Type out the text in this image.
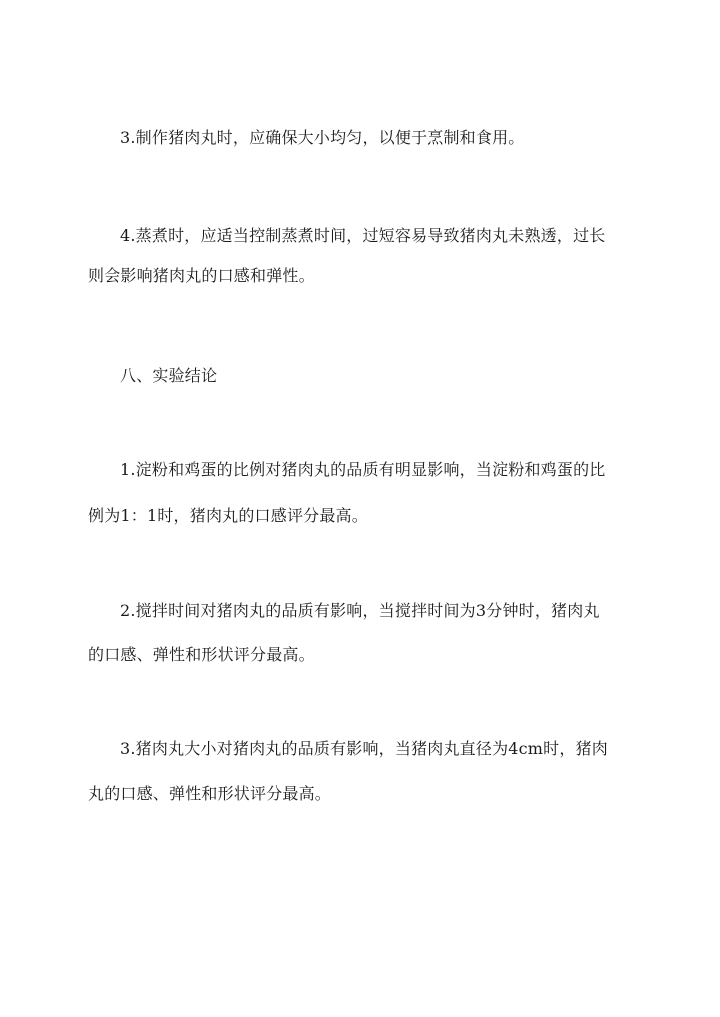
3.制作猪肉丸时，应确保大小均匀，以便于烹制和食用。
4.蒸煮时，应适当控制蒸煮时间，过短容易导致猪肉丸未熟透，过长
则会影响猪肉丸的口感和弹性。
八、实验结论
1.淀粉和鸡蛋的比例对猪肉丸的品质有明显影响，当淀粉和鸡蛋的比
例为1：1时，猪肉丸的口感评分最高。
2.搅拌时间对猪肉丸的品质有影响，当搅拌时间为3分钟时，猪肉丸
的口感、弹性和形状评分最高。
3.猪肉丸大小对猪肉丸的品质有影响，当猪肉丸直径为4cm时，猪肉
丸的口感、弹性和形状评分最高。
